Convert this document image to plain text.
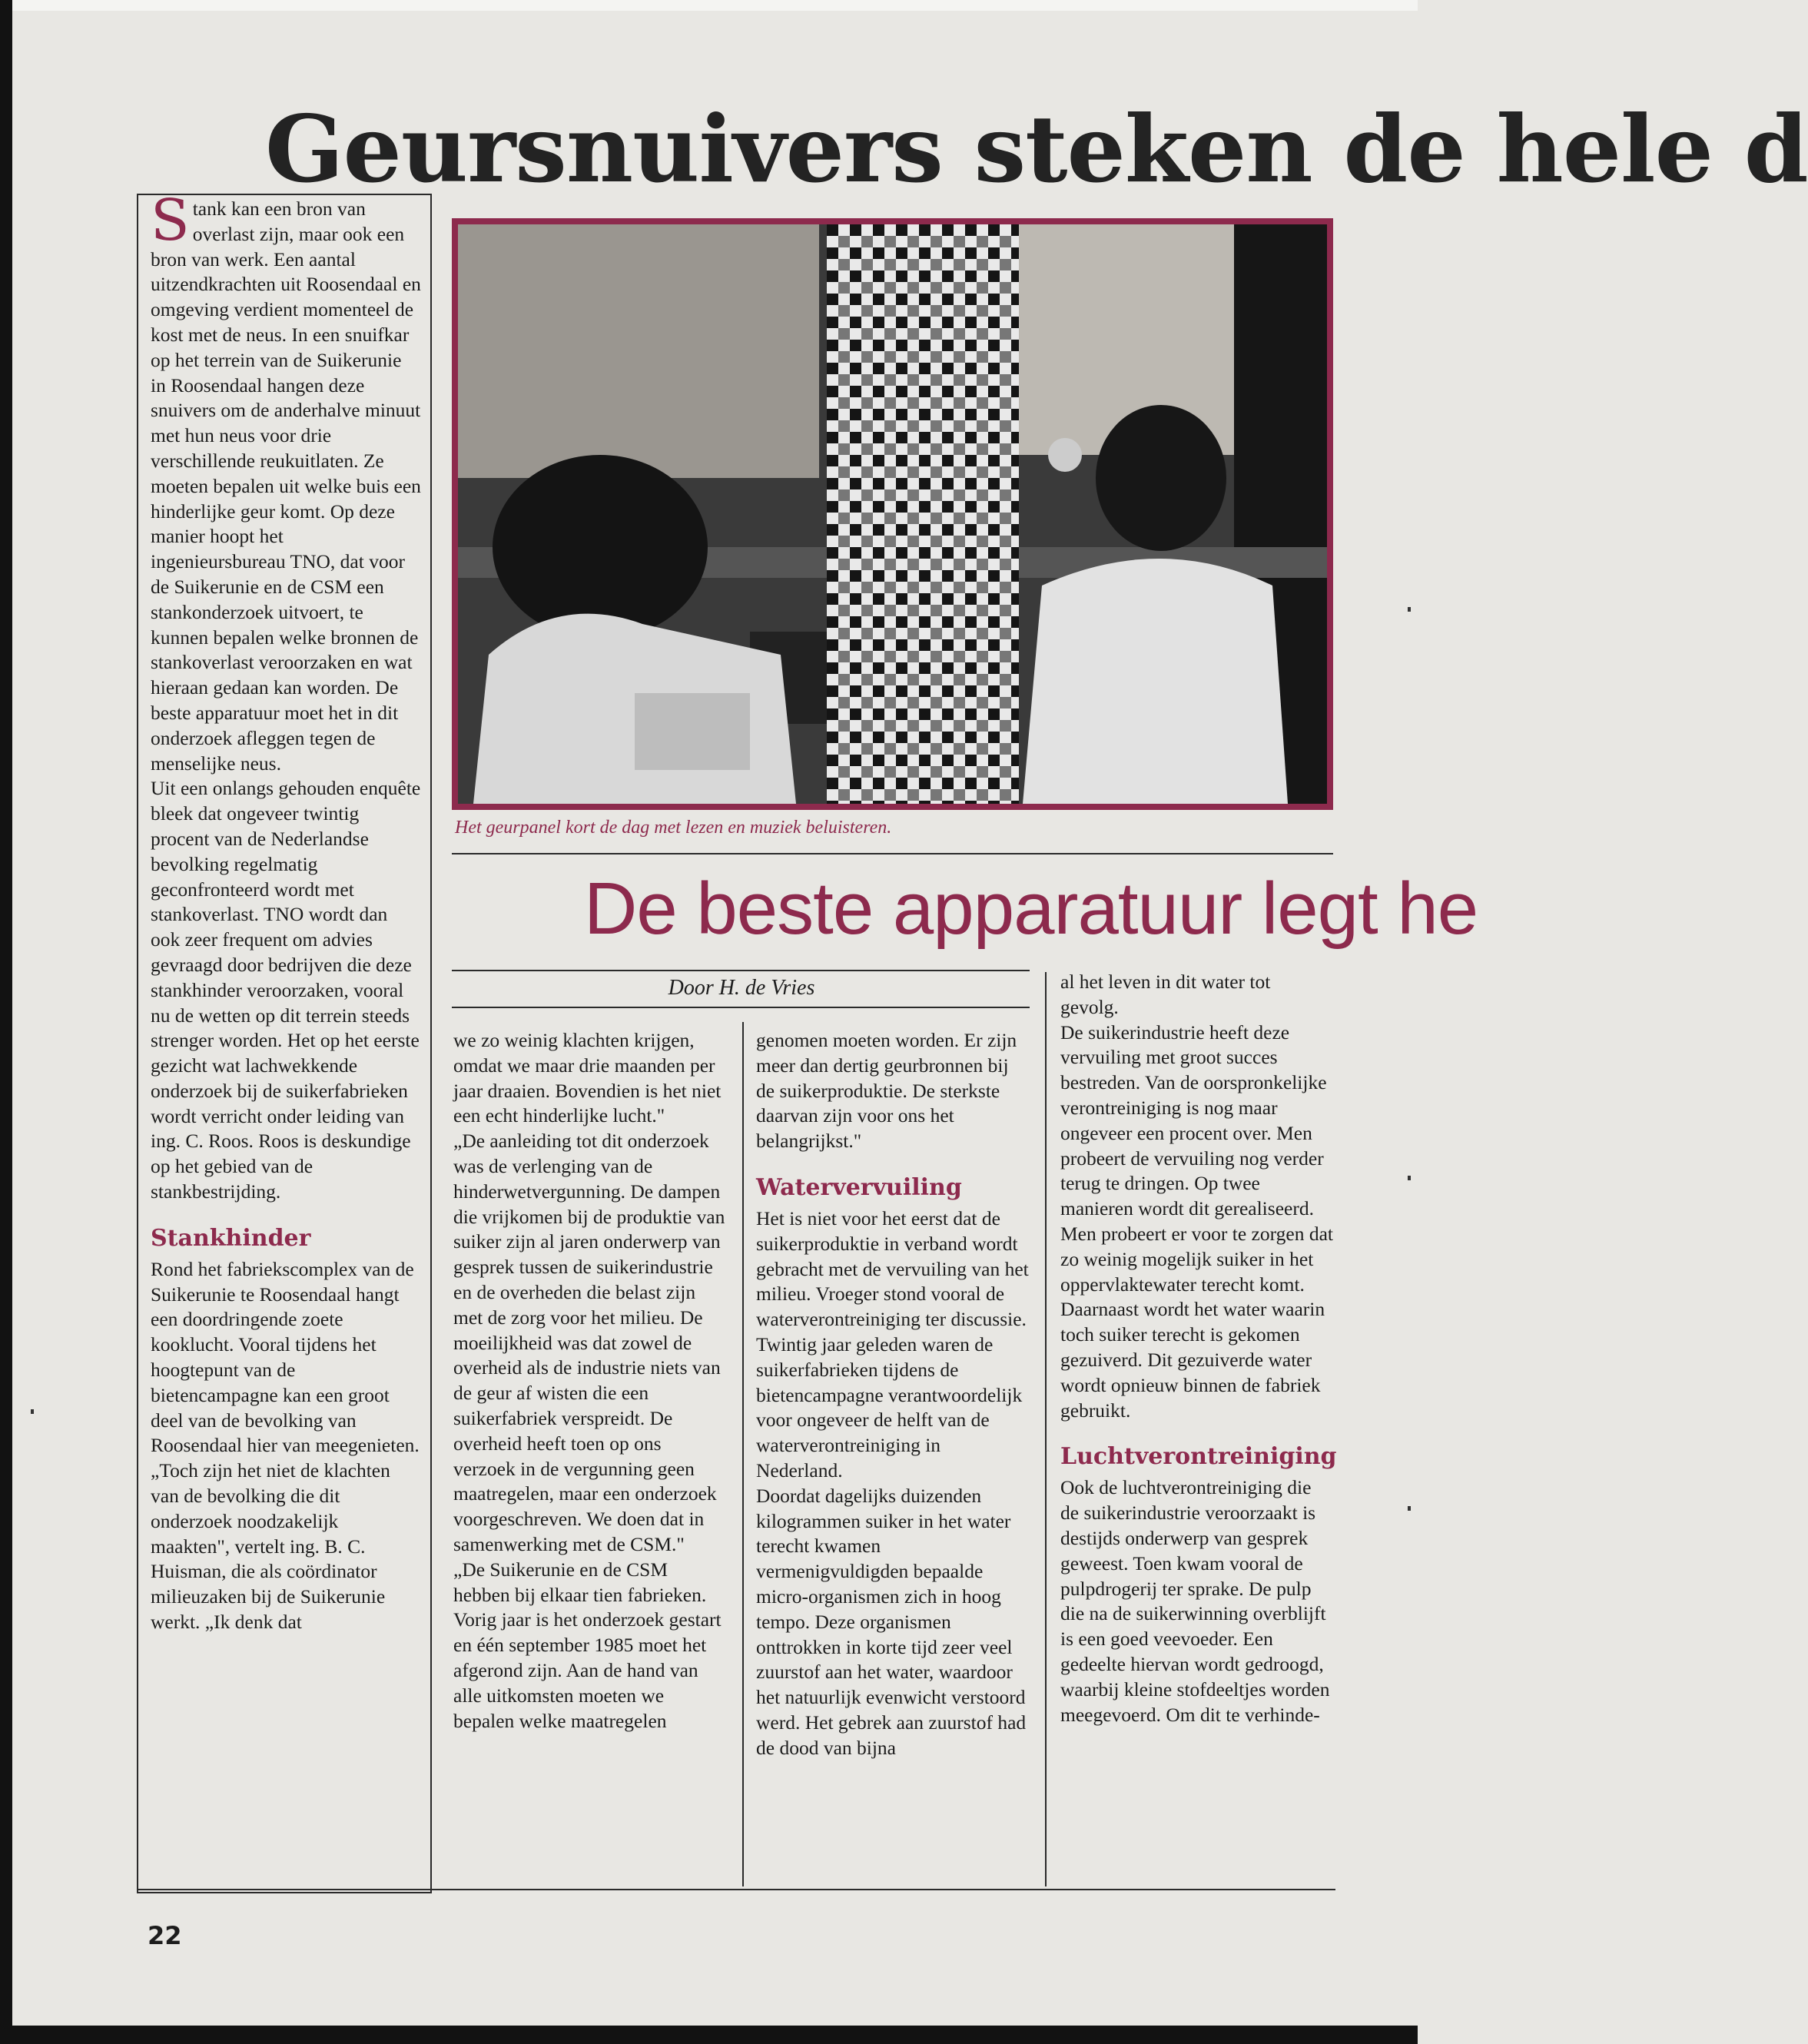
Geursnuivers steken de hele d

Stank kan een bron van overlast zijn, maar ook een bron van werk. Een aantal uitzendkrachten uit Roosendaal en omgeving verdient momenteel de kost met de neus. In een snuifkar op het terrein van de Suikerunie in Roosendaal hangen deze snuivers om de anderhalve minuut met hun neus voor drie verschillende reukuitlaten. Ze moeten bepalen uit welke buis een hinderlijke geur komt. Op deze manier hoopt het ingenieursbureau TNO, dat voor de Suikerunie en de CSM een stankonderzoek uitvoert, te kunnen bepalen welke bronnen de stankoverlast veroorzaken en wat hieraan gedaan kan worden. De beste apparatuur moet het in dit onderzoek afleggen tegen de menselijke neus.

Uit een onlangs gehouden enquête bleek dat ongeveer twintig procent van de Nederlandse bevolking regelmatig geconfronteerd wordt met stankoverlast. TNO wordt dan ook zeer frequent om advies gevraagd door bedrijven die deze stankhinder veroorzaken, vooral nu de wetten op dit terrein steeds strenger worden. Het op het eerste gezicht wat lachwekkende onderzoek bij de suikerfabrieken wordt verricht onder leiding van ing. C. Roos. Roos is deskundige op het gebied van de stankbestrijding.

Stankhinder

Rond het fabriekscomplex van de Suikerunie te Roosendaal hangt een doordringende zoete kooklucht. Vooral tijdens het hoogtepunt van de bietencampagne kan een groot deel van de bevolking van Roosendaal hier van meegenieten. „Toch zijn het niet de klachten van de bevolking die dit onderzoek noodzakelijk maakten", vertelt ing. B. C. Huisman, die als coördinator milieuzaken bij de Suikerunie werkt. „Ik denk dat

Het geurpanel kort de dag met lezen en muziek beluisteren.
De beste apparatuur legt he
Door H. de Vries

we zo weinig klachten krijgen, omdat we maar drie maanden per jaar draaien. Bovendien is het niet een echt hinderlijke lucht."

„De aanleiding tot dit onderzoek was de verlenging van de hinderwetvergunning. De dampen die vrijkomen bij de produktie van suiker zijn al jaren onderwerp van gesprek tussen de suikerindustrie en de overheden die belast zijn met de zorg voor het milieu. De moeilijkheid was dat zowel de overheid als de industrie niets van de geur af wisten die een suikerfabriek verspreidt. De overheid heeft toen op ons verzoek in de vergunning geen maatregelen, maar een onderzoek voorgeschreven. We doen dat in samenwerking met de CSM."

„De Suikerunie en de CSM hebben bij elkaar tien fabrieken. Vorig jaar is het onderzoek gestart en één september 1985 moet het afgerond zijn. Aan de hand van alle uitkomsten moeten we bepalen welke maatregelen

genomen moeten worden. Er zijn meer dan dertig geurbronnen bij de suikerproduktie. De sterkste daarvan zijn voor ons het belangrijkst."

Watervervuiling

Het is niet voor het eerst dat de suikerproduktie in verband wordt gebracht met de vervuiling van het milieu. Vroeger stond vooral de waterverontreiniging ter discussie. Twintig jaar geleden waren de suikerfabrieken tijdens de bietencampagne verantwoordelijk voor ongeveer de helft van de waterverontreiniging in Nederland.

Doordat dagelijks duizenden kilogrammen suiker in het water terecht kwamen vermenigvuldigden bepaalde micro-organismen zich in hoog tempo. Deze organismen onttrokken in korte tijd zeer veel zuurstof aan het water, waardoor het natuurlijk evenwicht verstoord werd. Het gebrek aan zuurstof had de dood van bijna

al het leven in dit water tot gevolg.

De suikerindustrie heeft deze vervuiling met groot succes bestreden. Van de oorspronkelijke verontreiniging is nog maar ongeveer een procent over. Men probeert de vervuiling nog verder terug te dringen. Op twee manieren wordt dit gerealiseerd. Men probeert er voor te zorgen dat zo weinig mogelijk suiker in het oppervlaktewater terecht komt. Daarnaast wordt het water waarin toch suiker terecht is gekomen gezuiverd. Dit gezuiverde water wordt opnieuw binnen de fabriek gebruikt.

Luchtverontreiniging

Ook de luchtverontreiniging die de suikerindustrie veroorzaakt is destijds onderwerp van gesprek geweest. Toen kwam vooral de pulpdrogerij ter sprake. De pulp die na de suikerwinning overblijft is een goed veevoeder. Een gedeelte hiervan wordt gedroogd, waarbij kleine stofdeeltjes worden meegevoerd. Om dit te verhinde-

22
